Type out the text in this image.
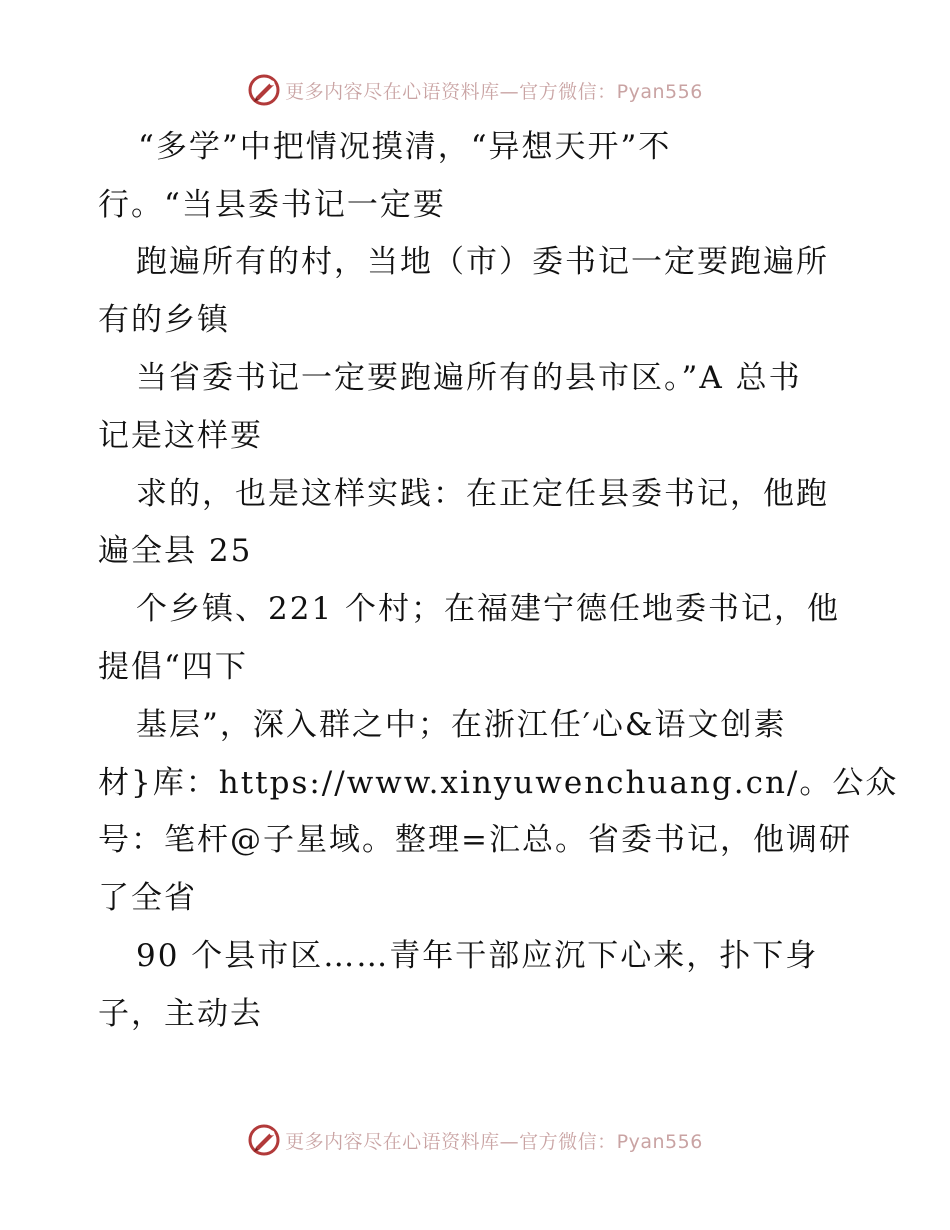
更多内容尽在心语资料库—官方微信：Pyan556
“多学”中把情况摸清，“异想天开”不
行。“当县委书记一定要
跑遍所有的村，当地（市）委书记一定要跑遍所
有的乡镇
当省委书记一定要跑遍所有的县市区。”A 总书
记是这样要
求的，也是这样实践：在正定任县委书记，他跑
遍全县 25
个乡镇、221 个村；在福建宁德任地委书记，他
提倡“四下
基层”，深入群之中；在浙江任′心&语文创素
材}库：https://www.xinyuwenchuang.cn/。公众
号：笔杆@子星域。整理=汇总。省委书记，他调研
了全省
90 个县市区……青年干部应沉下心来，扑下身
子，主动去
更多内容尽在心语资料库—官方微信：Pyan556
